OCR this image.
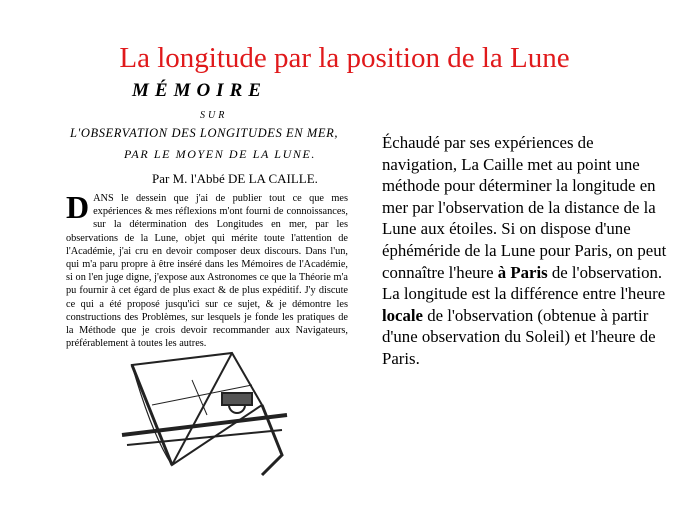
La longitude par la position de la Lune
MÉMOIRE
SUR
L'OBSERVATION DES LONGITUDES EN MER,
PAR LE MOYEN DE LA LUNE.
Par M. l'Abbé DE LA CAILLE.
DANS le dessein que j'ai de publier tout ce que mes expériences & mes réflexions m'ont fourni de connoissances, sur la détermination des Longitudes en mer, par les observations de la Lune, objet qui mérite toute l'attention de l'Académie, j'ai cru en devoir composer deux discours. Dans l'un, qui m'a paru propre à être inséré dans les Mémoires de l'Académie, si on l'en juge digne, j'expose aux Astronomes ce que la Théorie m'a pu fournir à cet égard de plus exact & de plus expéditif. J'y discute ce qui a été proposé jusqu'ici sur ce sujet, & je démontre les constructions des Problèmes, sur lesquels je fonde les pratiques de la Méthode que je crois devoir recommander aux Navigateurs, préférablement à toutes les autres.
Échaudé par ses expériences de navigation, La Caille met au point une méthode pour déterminer la longitude en mer par l'observation de la distance de la Lune aux étoiles. Si on dispose d'une éphéméride de la Lune pour Paris, on peut connaître l'heure à Paris de l'observation. La longitude est la différence entre l'heure locale de l'observation (obtenue à partir d'une observation du Soleil) et l'heure de Paris.
